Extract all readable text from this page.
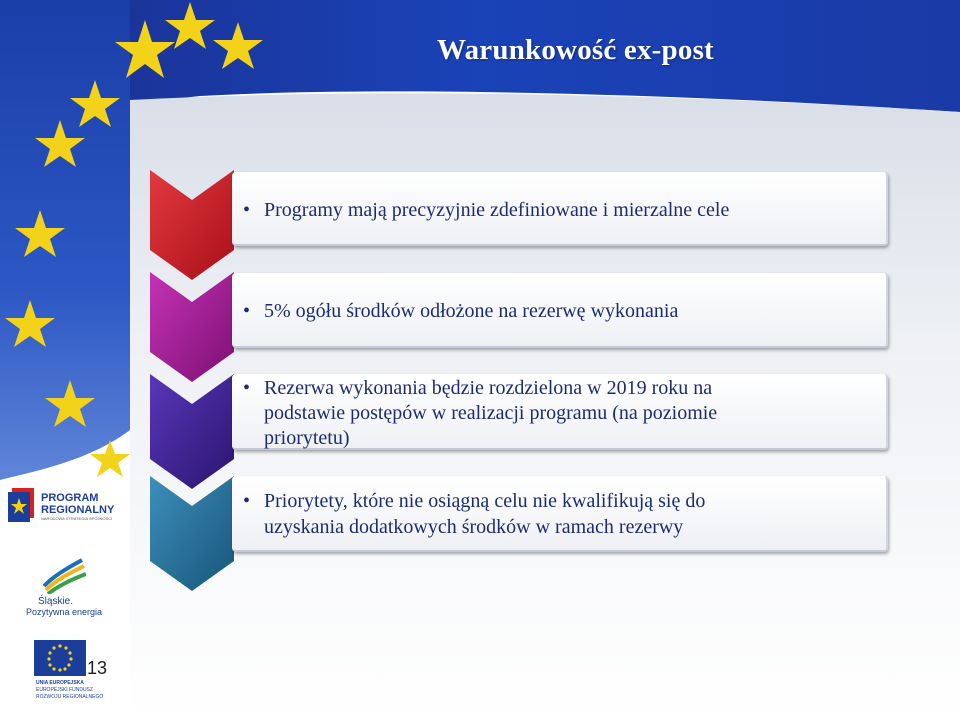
Warunkowość ex-post
• Programy mają precyzyjnie zdefiniowane i mierzalne cele
• 5% ogółu środków odłożone na rezerwę wykonania
• Rezerwa wykonania będzie rozdzielona w 2019 roku na
podstawie postępów w realizacji programu (na poziomie
priorytetu)
• Priorytety, które nie osiągną celu nie kwalifikują się do
uzyskania dodatkowych środków w ramach rezerwy
PROGRAM
REGIONALNY
NARODOWA STRATEGIA SPÓJNOŚCI
Śląskie.
Pozytywna energia
UNIA EUROPEJSKA
EUROPEJSKI FUNDUSZ
ROZWOJU REGIONALNEGO
13
